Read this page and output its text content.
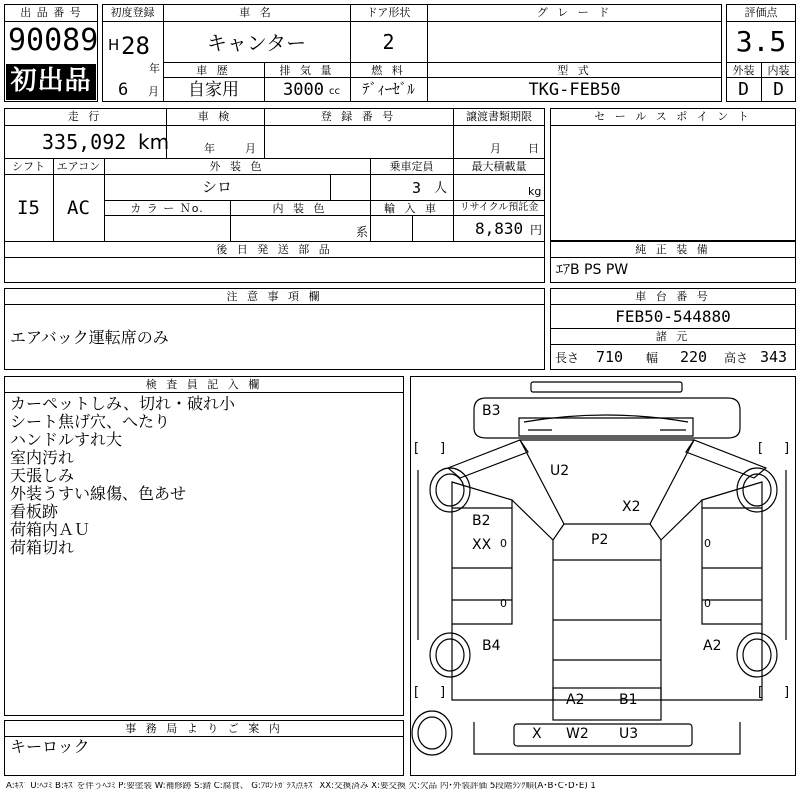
出 品 番 号
90089
初出品
初度登録
H 28
年
6 月
車 名
キャンター
ドア形状
2
グ レ ー ド
車 歴
自家用
排 気 量
3000 cc
燃 料
ﾃﾞｨｰｾﾞﾙ
型 式
TKG-FEB50
評価点
3.5
外装	内装
D	D
走 行
335,092 km
車 検
年	月
登 録 番 号	譲渡書類期限
月 日
シフト
I5
エアコン
AC
外 装 色
シロ
乗車定員
3 人
最大積載量
kg
カ ラ ー Ｎo.	内 装 色
系
輸 入 車	リサイクル預託金
8,830 円
後 日 発 送 部 品
セ ー ル ス ポ イ ン ト
純 正 装 備
ｴｱB PS PW
注 意 事 項 欄
エアバック運転席のみ
車 台 番 号
FEB50-544880
諸 元
長さ 710 幅 220 高さ 343
検 査 員 記 入 欄
カーペットしみ、切れ・破れ小
シート焦げ穴、へたり
ハンドルすれ大
室内汚れ
天張しみ
外装うすい線傷、色あせ
看板跡
荷箱内ＡＵ
荷箱切れ
事 務 局 よ り ご 案 内
キーロック
B3
U2
X2
B2
XX	P2
B4	A2
A2 B1
X W2 U3
[ ]	[ ]
[ ]	[ ]
0	0
0	0
A:ｷｽﾞ U:ﾍｺﾐ B:ｷｽﾞを伴うﾍｺﾐ P:要塗装 W:補修跡 S:錆 C:腐食、 G:ﾌﾛﾝﾄｶﾞﾗｽ点ｷｽﾞ XX:交換済み X:要交換 欠:欠品 内･外装評価 5段階ﾗﾝｸ順(A･B･C･D･E) 1
